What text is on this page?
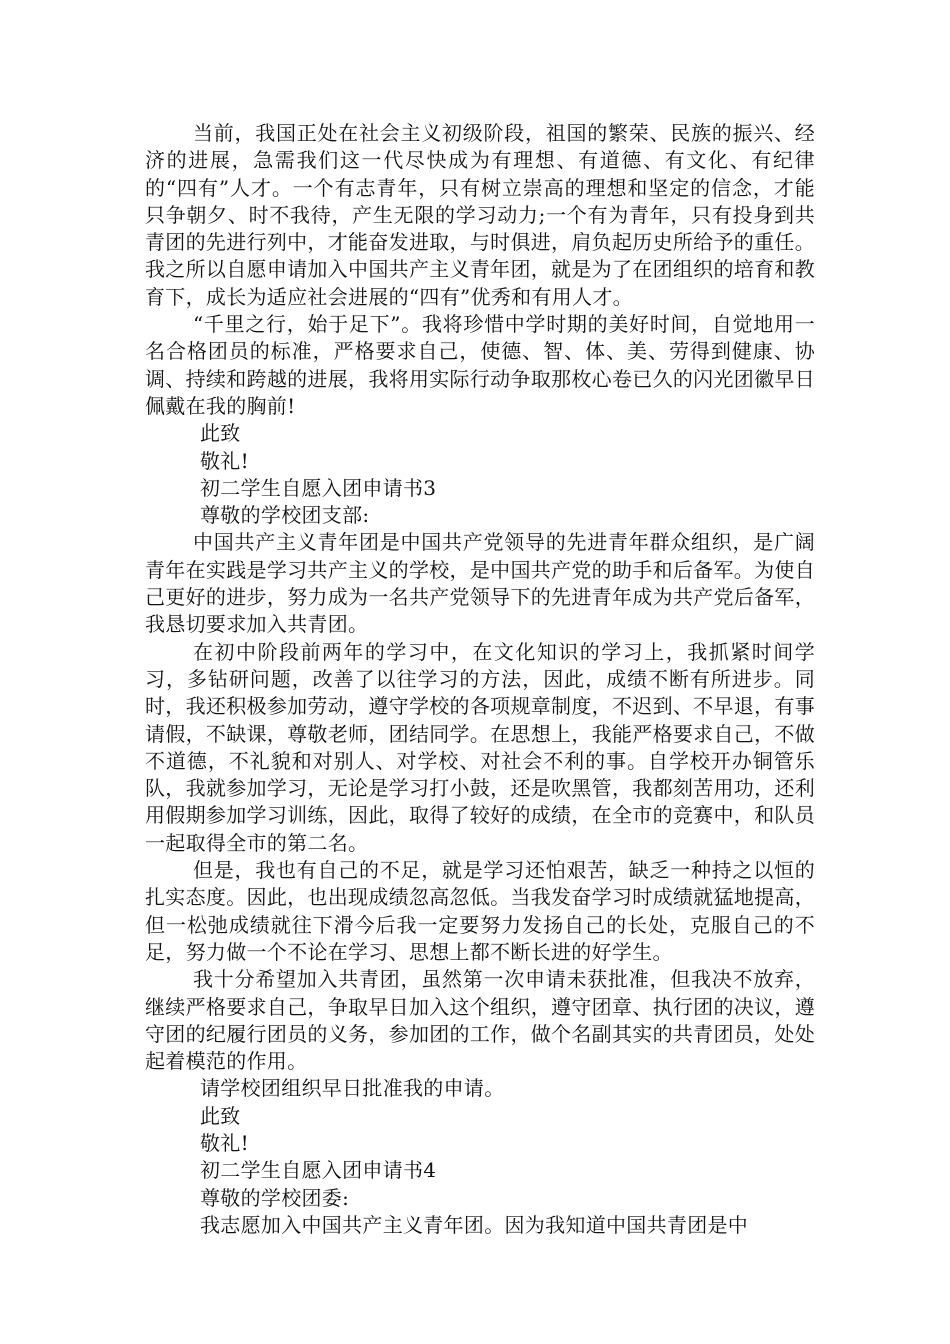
当前，我国正处在社会主义初级阶段，祖国的繁荣、民族的振兴、经济的进展，急需我们这一代尽快成为有理想、有道德、有文化、有纪律的“四有”人才。一个有志青年，只有树立崇高的理想和坚定的信念，才能只争朝夕、时不我待，产生无限的学习动力;一个有为青年，只有投身到共青团的先进行列中，才能奋发进取，与时俱进，肩负起历史所给予的重任。我之所以自愿申请加入中国共产主义青年团，就是为了在团组织的培育和教育下，成长为适应社会进展的“四有”优秀和有用人才。

“千里之行，始于足下”。我将珍惜中学时期的美好时间，自觉地用一名合格团员的标准，严格要求自己，使德、智、体、美、劳得到健康、协调、持续和跨越的进展，我将用实际行动争取那枚心卷已久的闪光团徽早日佩戴在我的胸前!

此致

敬礼!

初二学生自愿入团申请书3

尊敬的学校团支部:

中国共产主义青年团是中国共产党领导的先进青年群众组织，是广阔青年在实践是学习共产主义的学校，是中国共产党的助手和后备军。为使自己更好的进步，努力成为一名共产党领导下的先进青年成为共产党后备军，我恳切要求加入共青团。

在初中阶段前两年的学习中，在文化知识的学习上，我抓紧时间学习，多钻研问题，改善了以往学习的方法，因此，成绩不断有所进步。同时，我还积极参加劳动，遵守学校的各项规章制度，不迟到、不早退，有事请假，不缺课，尊敬老师，团结同学。在思想上，我能严格要求自己，不做不道德，不礼貌和对别人、对学校、对社会不利的事。自学校开办铜管乐队，我就参加学习，无论是学习打小鼓，还是吹黑管，我都刻苦用功，还利用假期参加学习训练，因此，取得了较好的成绩，在全市的竞赛中，和队员一起取得全市的第二名。

但是，我也有自己的不足，就是学习还怕艰苦，缺乏一种持之以恒的扎实态度。因此，也出现成绩忽高忽低。当我发奋学习时成绩就猛地提高，但一松弛成绩就往下滑今后我一定要努力发扬自己的长处，克服自己的不足，努力做一个不论在学习、思想上都不断长进的好学生。

我十分希望加入共青团，虽然第一次申请未获批准，但我决不放弃，继续严格要求自己，争取早日加入这个组织，遵守团章、执行团的决议，遵守团的纪履行团员的义务，参加团的工作，做个名副其实的共青团员，处处起着模范的作用。

请学校团组织早日批准我的申请。

此致

敬礼!

初二学生自愿入团申请书4

尊敬的学校团委:

我志愿加入中国共产主义青年团。因为我知道中国共青团是中
